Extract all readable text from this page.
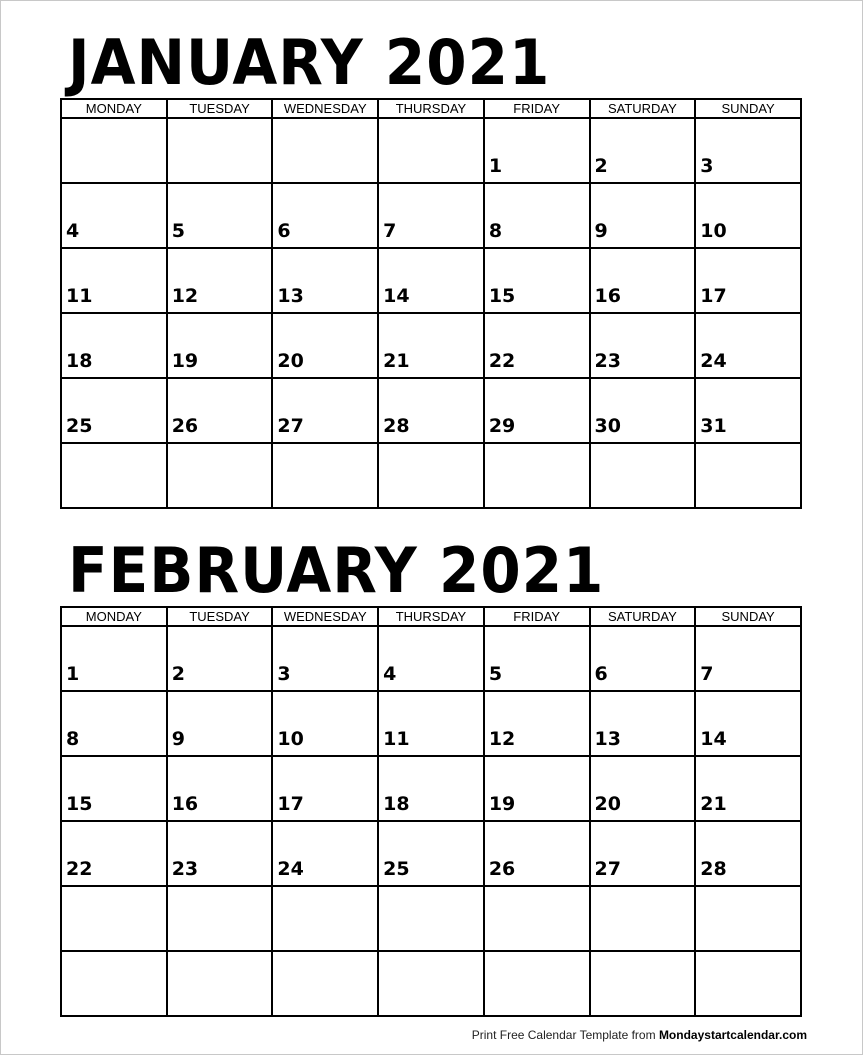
JANUARY 2021
MONDAY	TUESDAY	WEDNESDAY	THURSDAY	FRIDAY	SATURDAY	SUNDAY

				1	2	3

4	5	6	7	8	9	10

11	12	13	14	15	16	17

18	19	20	21	22	23	24

25	26	27	28	29	30	31

FEBRUARY 2021
MONDAY	TUESDAY	WEDNESDAY	THURSDAY	FRIDAY	SATURDAY	SUNDAY

1	2	3	4	5	6	7

8	9	10	11	12	13	14

15	16	17	18	19	20	21

22	23	24	25	26	27	28

Print Free Calendar Template from Mondaystartcalendar.com
